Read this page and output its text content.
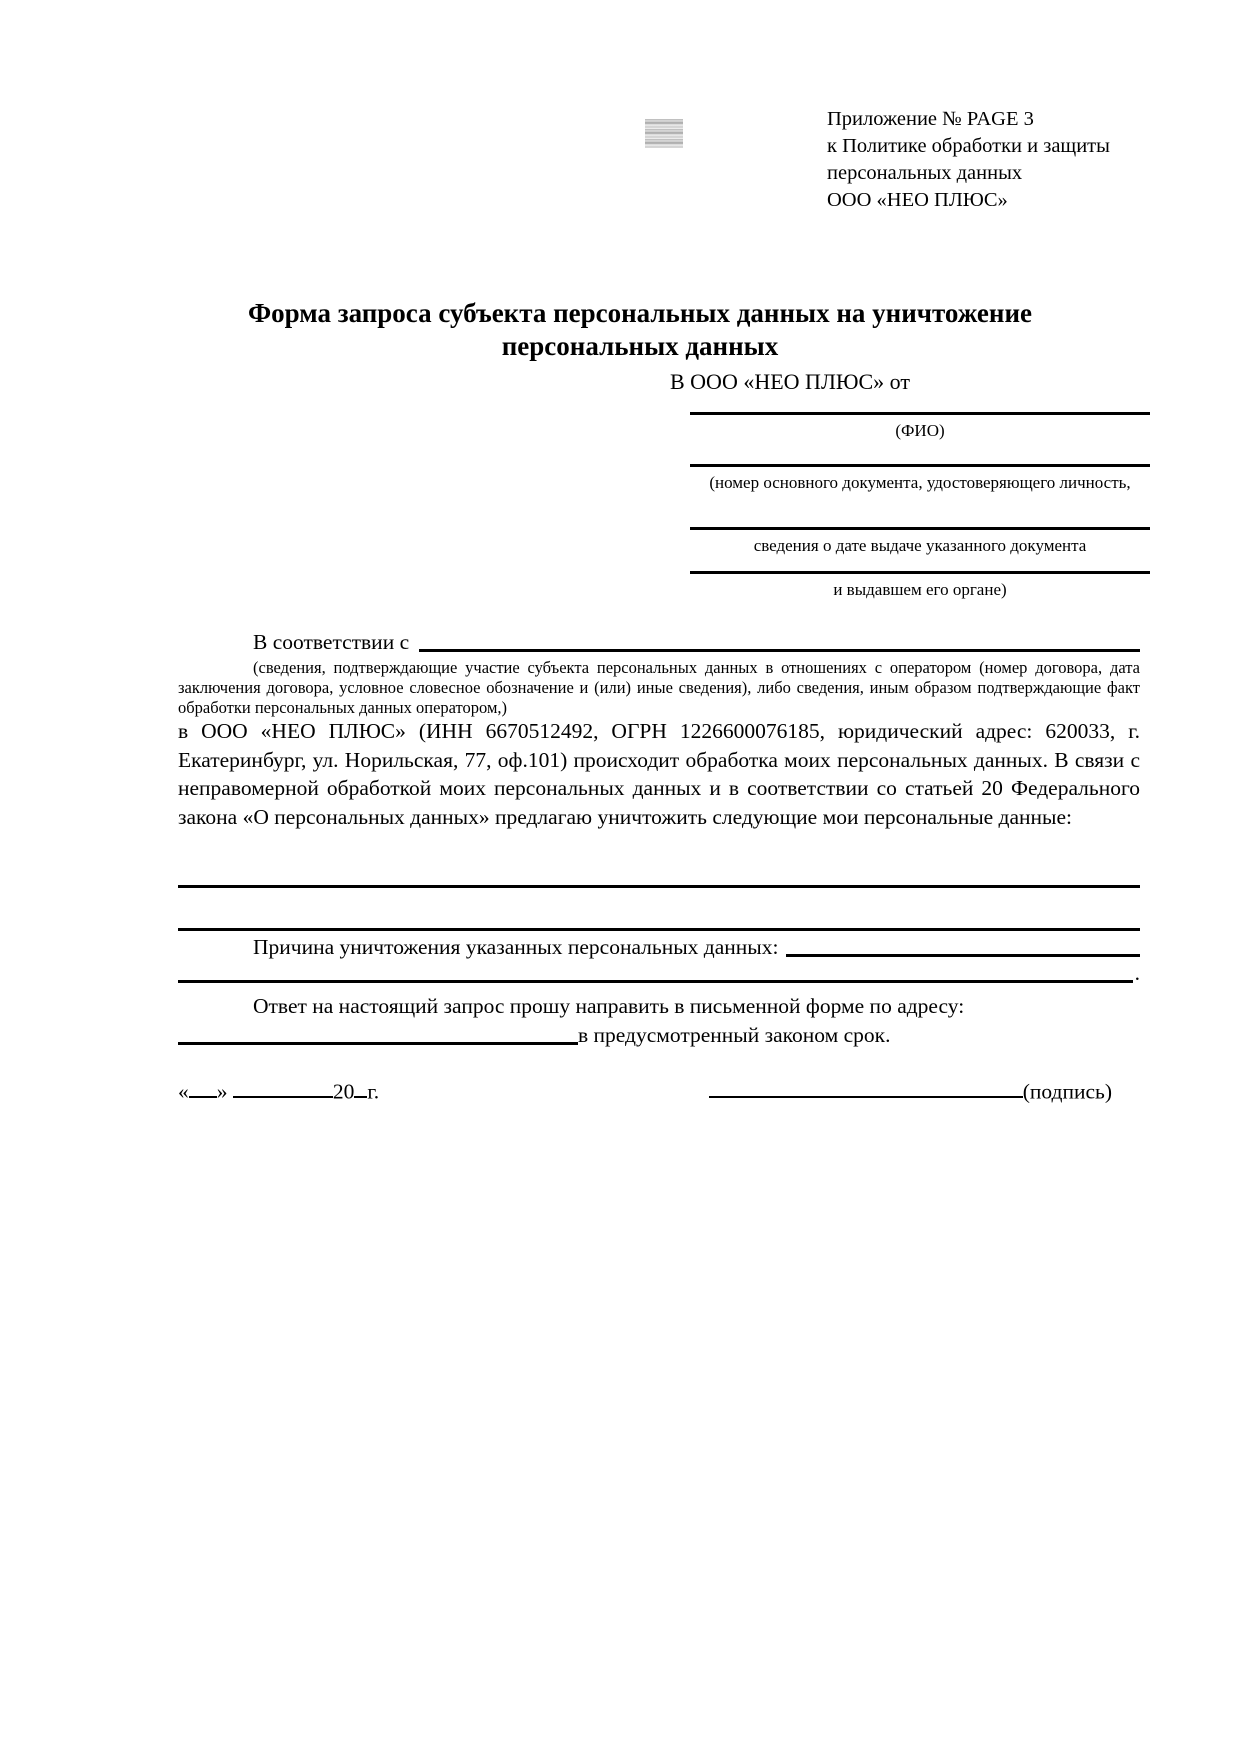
Приложение № PAGE 3
к Политике обработки и защиты
персональных данных
ООО «НЕО ПЛЮС»
Форма запроса субъекта персональных данных на уничтожение
персональных данных
В ООО «НЕО ПЛЮС» от
(ФИО)
(номер основного документа, удостоверяющего личность,
сведения о дате выдаче указанного документа
и выдавшем его органе)
В соответствии с
(сведения, подтверждающие участие субъекта персональных данных в отношениях с оператором (номер договора, дата заключения договора, условное словесное обозначение и (или) иные сведения), либо сведения, иным образом подтверждающие факт обработки персональных данных оператором,)
в ООО «НЕО ПЛЮС» (ИНН 6670512492, ОГРН 1226600076185, юридический адрес: 620033, г. Екатеринбург, ул. Норильская, 77, оф.101) происходит обработка моих персональных данных. В связи с неправомерной обработкой моих персональных данных и в соответствии со статьей 20 Федерального закона «О персональных данных» предлагаю уничтожить следующие мои персональные данные:
Причина уничтожения указанных персональных данных:
.
Ответ на настоящий запрос прошу направить в письменной форме по адресу:
в предусмотренный законом срок.
« »	20 г.	(подпись)
